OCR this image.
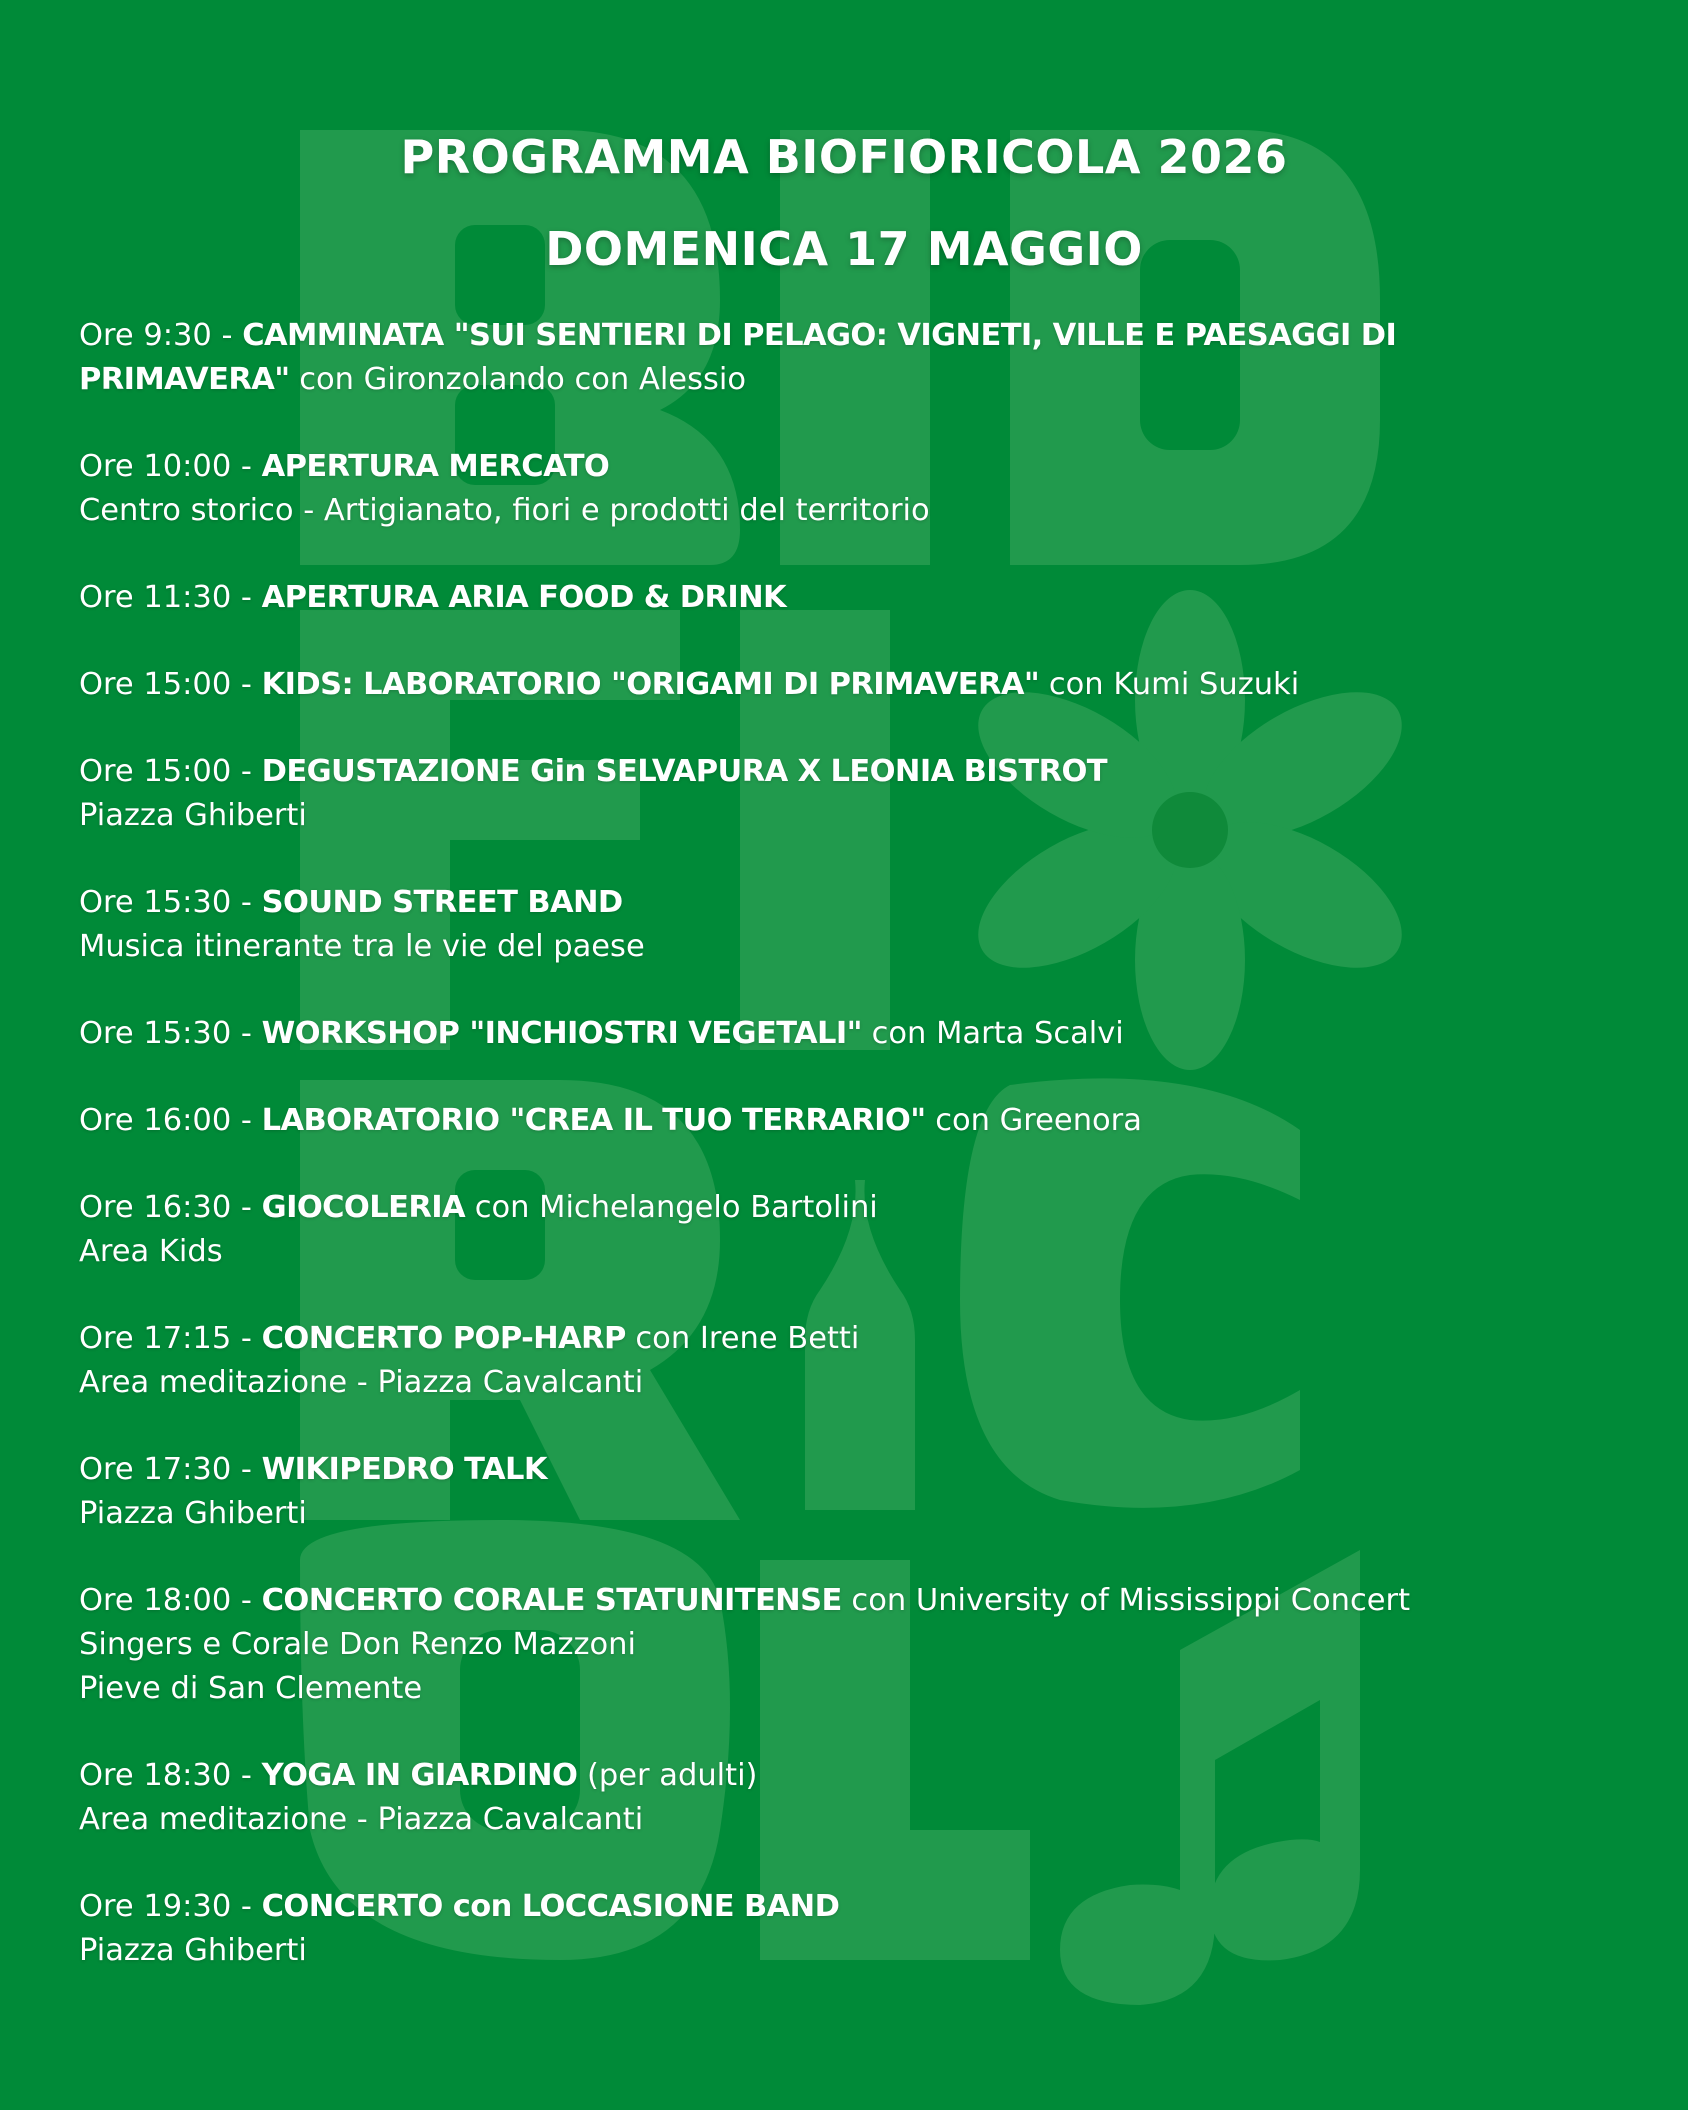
PROGRAMMA BIOFIORICOLA 2026
DOMENICA 17 MAGGIO
Ore 9:30 - CAMMINATA "SUI SENTIERI DI PELAGO: VIGNETI, VILLE E PAESAGGI DI
PRIMAVERA" con Gironzolando con Alessio
Ore 10:00 - APERTURA MERCATO
Centro storico - Artigianato, fiori e prodotti del territorio
Ore 11:30 - APERTURA ARIA FOOD & DRINK
Ore 15:00 - KIDS: LABORATORIO "ORIGAMI DI PRIMAVERA" con Kumi Suzuki
Ore 15:00 - DEGUSTAZIONE Gin SELVAPURA X LEONIA BISTROT
Piazza Ghiberti
Ore 15:30 - SOUND STREET BAND
Musica itinerante tra le vie del paese
Ore 15:30 - WORKSHOP "INCHIOSTRI VEGETALI" con Marta Scalvi
Ore 16:00 - LABORATORIO "CREA IL TUO TERRARIO" con Greenora
Ore 16:30 - GIOCOLERIA con Michelangelo Bartolini
Area Kids
Ore 17:15 - CONCERTO POP-HARP con Irene Betti
Area meditazione - Piazza Cavalcanti
Ore 17:30 - WIKIPEDRO TALK
Piazza Ghiberti
Ore 18:00 - CONCERTO CORALE STATUNITENSE con University of Mississippi Concert
Singers e Corale Don Renzo Mazzoni
Pieve di San Clemente
Ore 18:30 - YOGA IN GIARDINO (per adulti)
Area meditazione - Piazza Cavalcanti
Ore 19:30 - CONCERTO con LOCCASIONE BAND
Piazza Ghiberti
